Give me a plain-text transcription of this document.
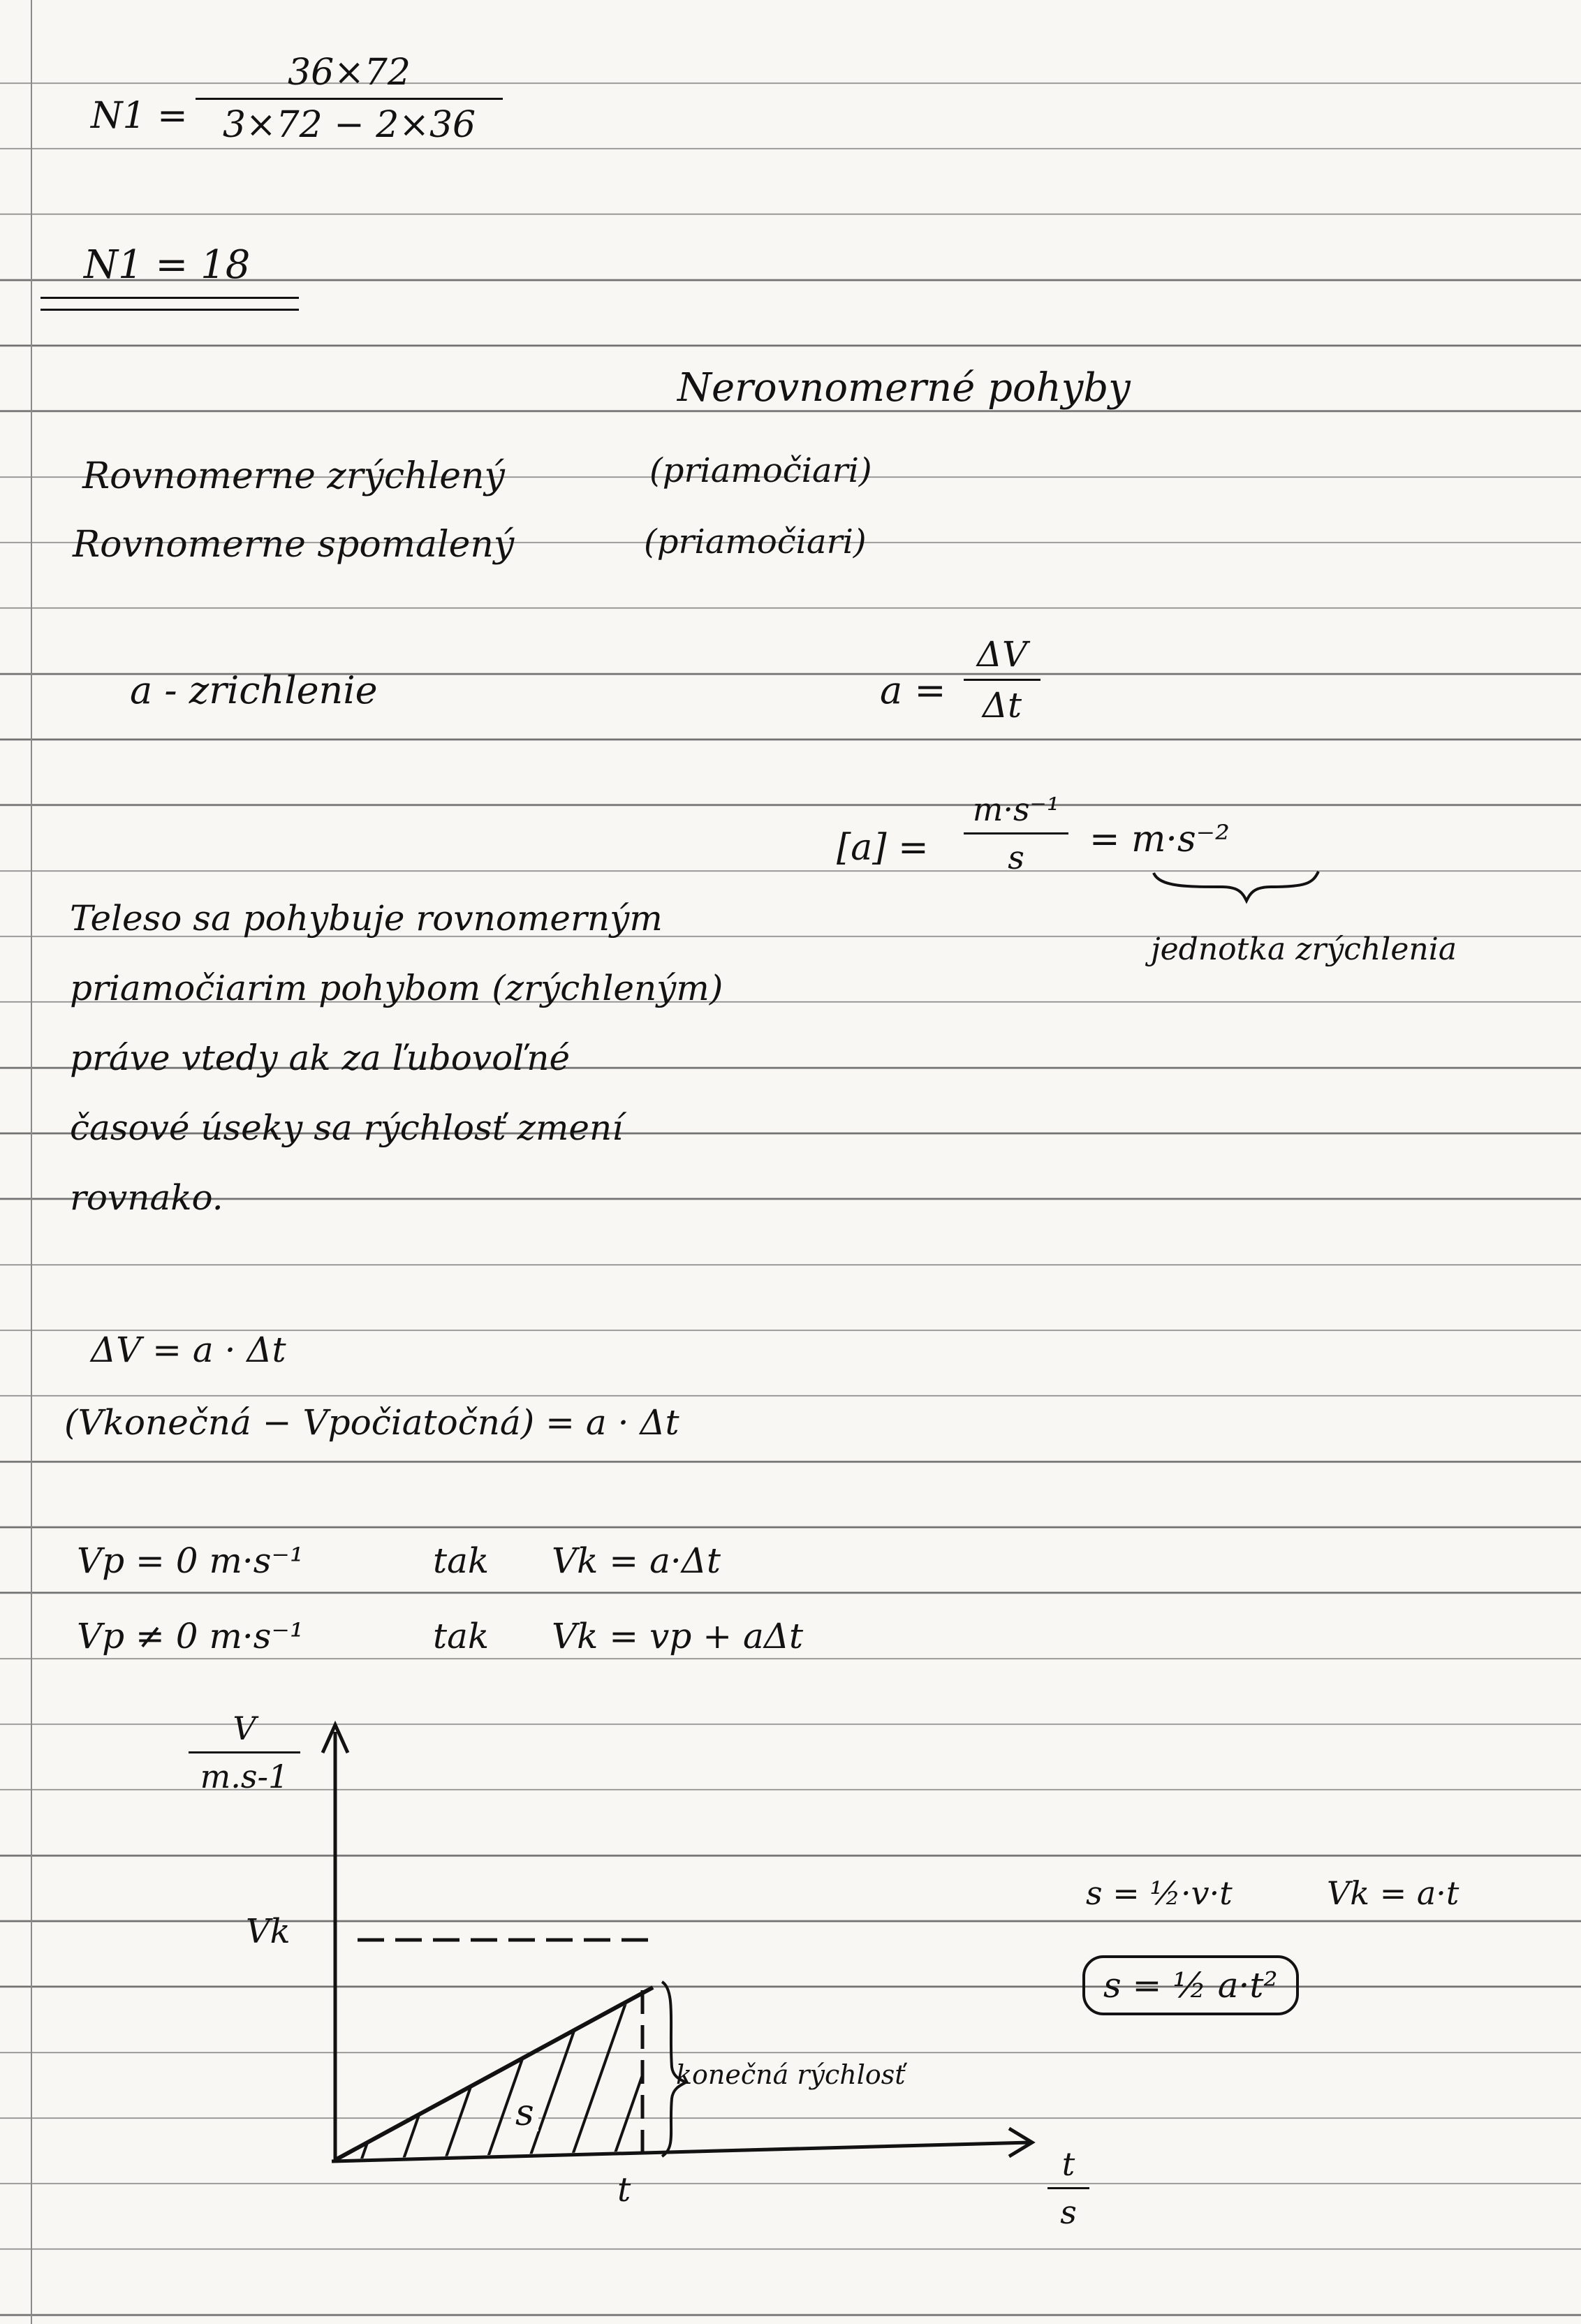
N1 =
36×72
3×72 − 2×36
N1 = 18
Nerovnomerné pohyby
Rovnomerne zrýchlený	(priamočiari)
Rovnomerne spomalený	(priamočiari)
a - zrichlenie	a =
ΔV
Δt
[a] =
m·s⁻¹
s	= m·s⁻²
jednotka zrýchlenia
Teleso sa pohybuje rovnomerným
priamočiarim pohybom (zrýchleným)
práve vtedy ak za ľubovoľné
časové úseky sa rýchlosť zmení
rovnako.
ΔV = a · Δt
(Vkonečná − Vpočiatočná) = a · Δt
Vp = 0 m·s⁻¹	tak Vk = a·Δt
Vp ≠ 0 m·s⁻¹	tak Vk = vp + aΔt
V
m.s-1
t
s
Vk
t
s
konečná rýchlosť
s = ½·v·t	Vk = a·t
s = ½ a·t²
